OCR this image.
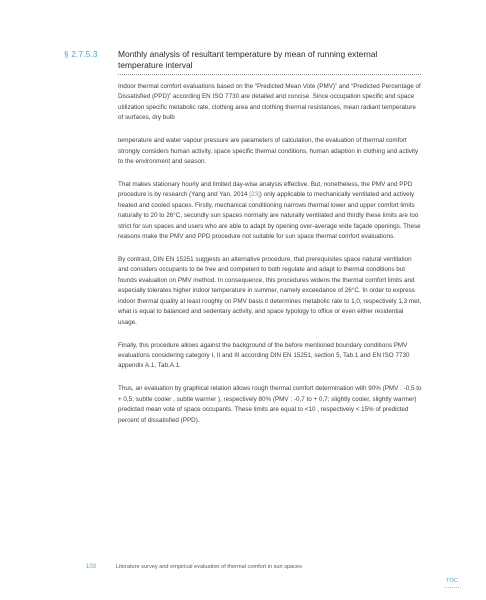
§ 2.7.5.3 Monthly analysis of resultant temperature by mean of running external temperature interval

Indoor thermal comfort evaluations based on the “Predicted Mean Vote (PMV)” and “Predicted Percentage of Dissatisfied (PPD)” according EN ISO 7730 are detailed and concise. Since occupation specific and space utilization specific metabolic rate, clothing area and clothing thermal resistances, mean radiant temperature of surfaces, dry bulb

temperature and water vapour pressure are parameters of calculation, the evaluation of thermal comfort strongly considers human activity, space specific thermal conditions, human adaption in clothing and activity to the environment and season.

That makes stationary hourly and limited day-wise analysis effective. But, nonetheless, the PMV and PPD procedure is by research (Yang and Yan, 2014 [23]) only applicable to mechanically ventilated and actively heated and cooled spaces. Firstly, mechanical conditioning narrows thermal lower and upper comfort limits naturally to 20 to 26°C, secondly sun spaces normally are naturally ventilated and thirdly these limits are too strict for sun spaces and users who are able to adapt by opening over-average wide façade openings. These reasons make the PMV and PPD procedure not suitable for sun space thermal comfort evaluations.

By contrast, DIN EN 15251 suggests an alternative procedure, that prerequisites space natural ventilation and considers occupants to be free and competent to both regulate and adapt to thermal conditions but founds evaluation on PMV method. In consequence, this procedures widens the thermal comfort limits and especially tolerates higher indoor temperature in summer, namely exceedance of 26°C. In order to express indoor thermal quality at least roughly on PMV basis it determines metabolic rate to 1,0, respectively 1,3 met, what is equal to balanced and sedentary activity, and space typology to office or even either residential usage.

Finally, this procedure allows against the background of the before mentioned boundary conditions PMV evaluations considering category I, II and III according DIN EN 15251, section 5, Tab.1 and EN ISO 7730 appendix A.1, Tab.A.1.

Thus, an evaluation by graphical relation allows rough thermal comfort determination with 90% (PMV : -0,5 to + 0,5; subtle cooler , subtle warmer ), respectively 80% (PMV : -0,7 to + 0,7; slightly cooler, slightly warmer) predicted mean vote of space occupants. These limits are equal to <10 , respectively < 15% of predicted percent of dissatisfied (PPD).

103	Literature survey and empirical evaluation of thermal comfort in sun spaces
TOC
